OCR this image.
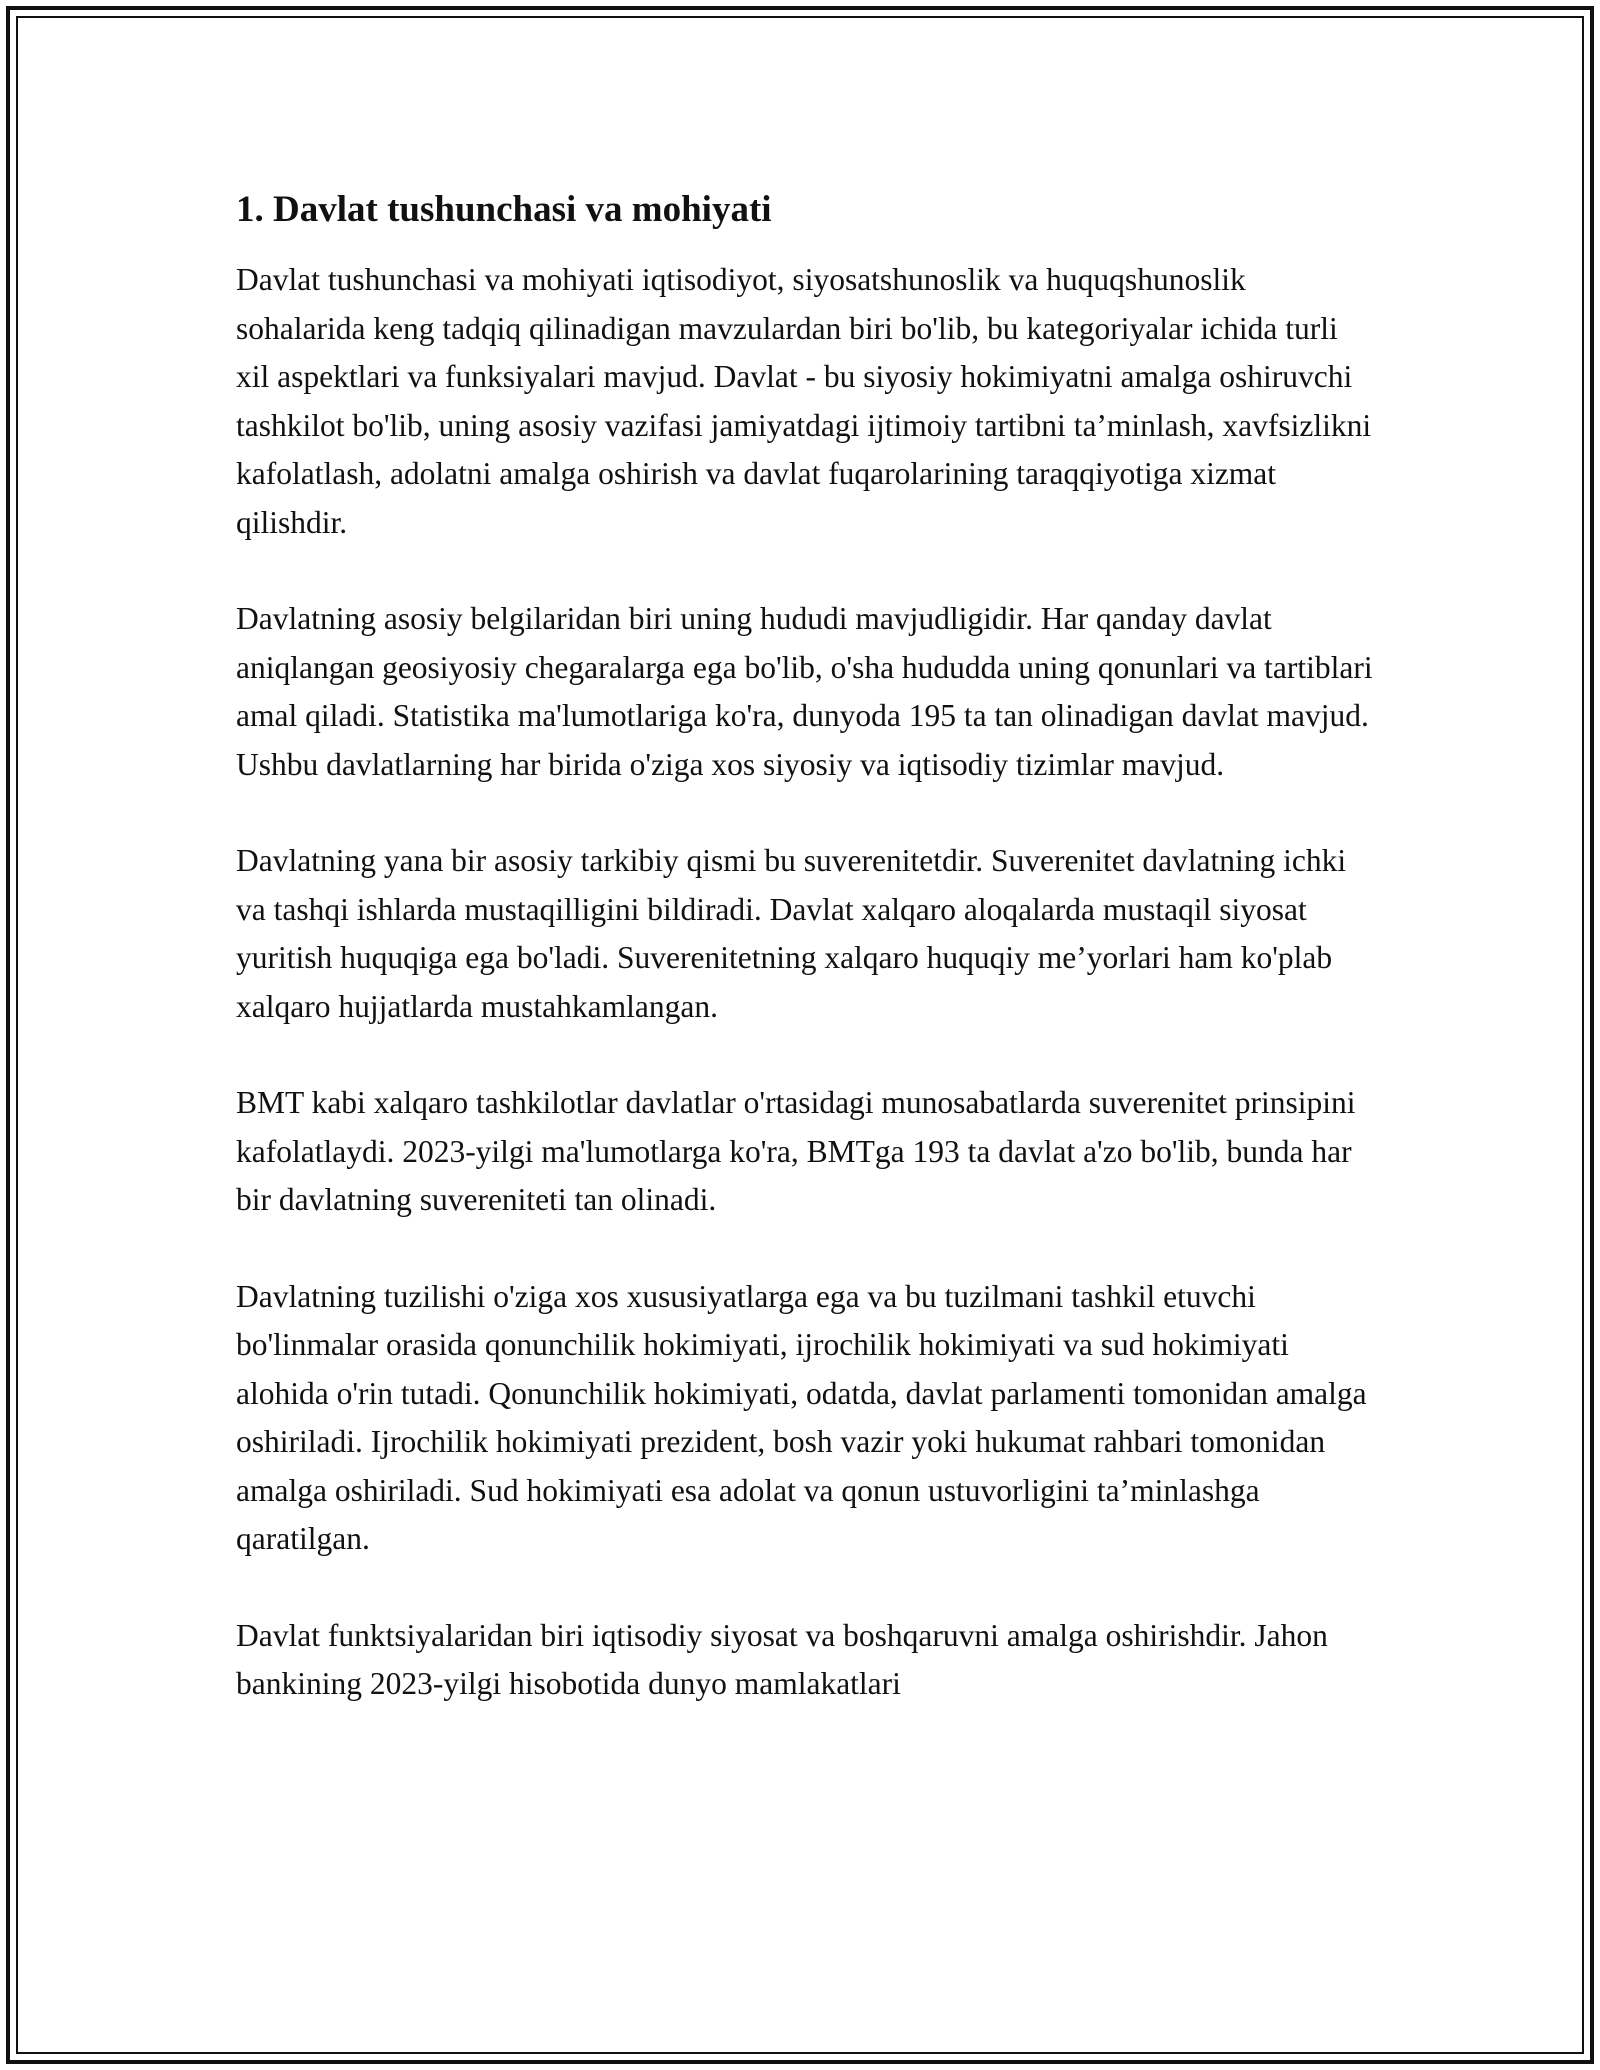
1. Davlat tushunchasi va mohiyati

Davlat tushunchasi va mohiyati iqtisodiyot, siyosatshunoslik va huquqshunoslik sohalarida keng tadqiq qilinadigan mavzulardan biri bo'lib, bu kategoriyalar ichida turli xil aspektlari va funksiyalari mavjud. Davlat - bu siyosiy hokimiyatni amalga oshiruvchi tashkilot bo'lib, uning asosiy vazifasi jamiyatdagi ijtimoiy tartibni ta’minlash, xavfsizlikni kafolatlash, adolatni amalga oshirish va davlat fuqarolarining taraqqiyotiga xizmat qilishdir.

Davlatning asosiy belgilaridan biri uning hududi mavjudligidir. Har qanday davlat aniqlangan geosiyosiy chegaralarga ega bo'lib, o'sha hududda uning qonunlari va tartiblari amal qiladi. Statistika ma'lumotlariga ko'ra, dunyoda 195 ta tan olinadigan davlat mavjud. Ushbu davlatlarning har birida o'ziga xos siyosiy va iqtisodiy tizimlar mavjud.

Davlatning yana bir asosiy tarkibiy qismi bu suverenitetdir. Suverenitet davlatning ichki va tashqi ishlarda mustaqilligini bildiradi. Davlat xalqaro aloqalarda mustaqil siyosat yuritish huquqiga ega bo'ladi. Suverenitetning xalqaro huquqiy me’yorlari ham ko'plab xalqaro hujjatlarda mustahkamlangan.

BMT kabi xalqaro tashkilotlar davlatlar o'rtasidagi munosabatlarda suverenitet prinsipini kafolatlaydi. 2023-yilgi ma'lumotlarga ko'ra, BMTga 193 ta davlat a'zo bo'lib, bunda har bir davlatning suvereniteti tan olinadi.

Davlatning tuzilishi o'ziga xos xususiyatlarga ega va bu tuzilmani tashkil etuvchi bo'linmalar orasida qonunchilik hokimiyati, ijrochilik hokimiyati va sud hokimiyati alohida o'rin tutadi. Qonunchilik hokimiyati, odatda, davlat parlamenti tomonidan amalga oshiriladi. Ijrochilik hokimiyati prezident, bosh vazir yoki hukumat rahbari tomonidan amalga oshiriladi. Sud hokimiyati esa adolat va qonun ustuvorligini ta’minlashga qaratilgan.

Davlat funktsiyalaridan biri iqtisodiy siyosat va boshqaruvni amalga oshirishdir. Jahon bankining 2023-yilgi hisobotida dunyo mamlakatlari
